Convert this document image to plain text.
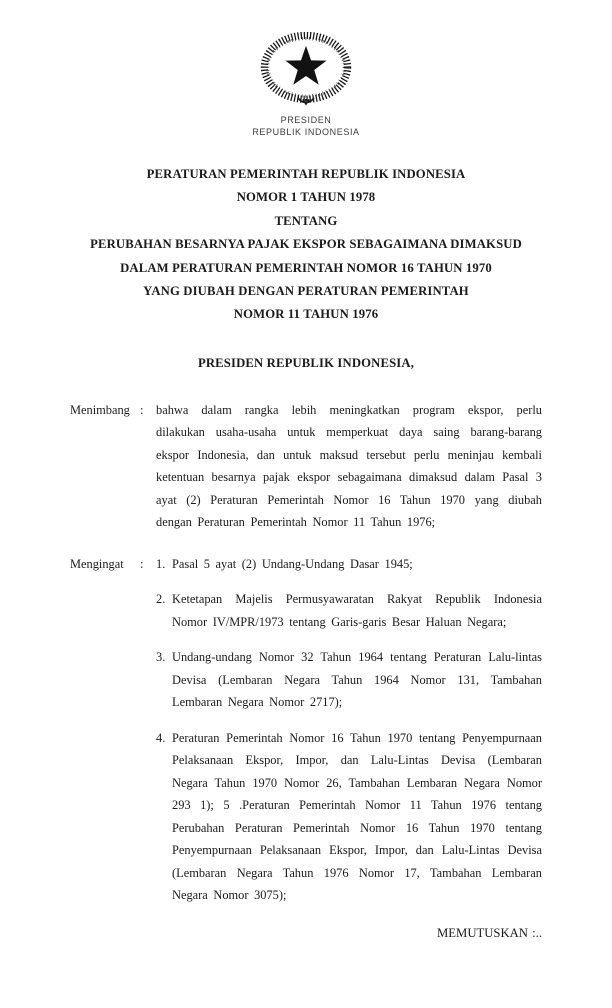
PRESIDEN
REPUBLIK INDONESIA
PERATURAN PEMERINTAH REPUBLIK INDONESIA
NOMOR 1 TAHUN 1978
TENTANG
PERUBAHAN BESARNYA PAJAK EKSPOR SEBAGAIMANA DIMAKSUD
DALAM PERATURAN PEMERINTAH NOMOR 16 TAHUN 1970
YANG DIUBAH DENGAN PERATURAN PEMERINTAH
NOMOR 11 TAHUN 1976
PRESIDEN REPUBLIK INDONESIA,
Menimbang :	bahwa dalam rangka lebih meningkatkan program ekspor, perlu dilakukan usaha-usaha untuk memperkuat daya saing barang-barang ekspor Indonesia, dan untuk maksud tersebut perlu meninjau kembali ketentuan besarnya pajak ekspor sebagaimana dimaksud dalam Pasal 3 ayat (2) Peraturan Pemerintah Nomor 16 Tahun 1970 yang diubah dengan Peraturan Pemerintah Nomor 11 Tahun 1976;

Mengingat	:	1. Pasal 5 ayat (2) Undang-Undang Dasar 1945;

2. Ketetapan Majelis Permusyawaratan Rakyat Republik Indonesia Nomor IV/MPR/1973 tentang Garis-garis Besar Haluan Negara;

3. Undang-undang Nomor 32 Tahun 1964 tentang Peraturan Lalu-lintas Devisa (Lembaran Negara Tahun 1964 Nomor 131, Tambahan Lembaran Negara Nomor 2717);

4. Peraturan Pemerintah Nomor 16 Tahun 1970 tentang Penyempurnaan Pelaksanaan Ekspor, Impor, dan Lalu-Lintas Devisa (Lembaran Negara Tahun 1970 Nomor 26, Tambahan Lembaran Negara Nomor 293 1); 5 .Peraturan Pemerintah Nomor 11 Tahun 1976 tentang Perubahan Peraturan Pemerintah Nomor 16 Tahun 1970 tentang Penyempurnaan Pelaksanaan Ekspor, Impor, dan Lalu-Lintas Devisa (Lembaran Negara Tahun 1976 Nomor 17, Tambahan Lembaran Negara Nomor 3075);

MEMUTUSKAN :..
